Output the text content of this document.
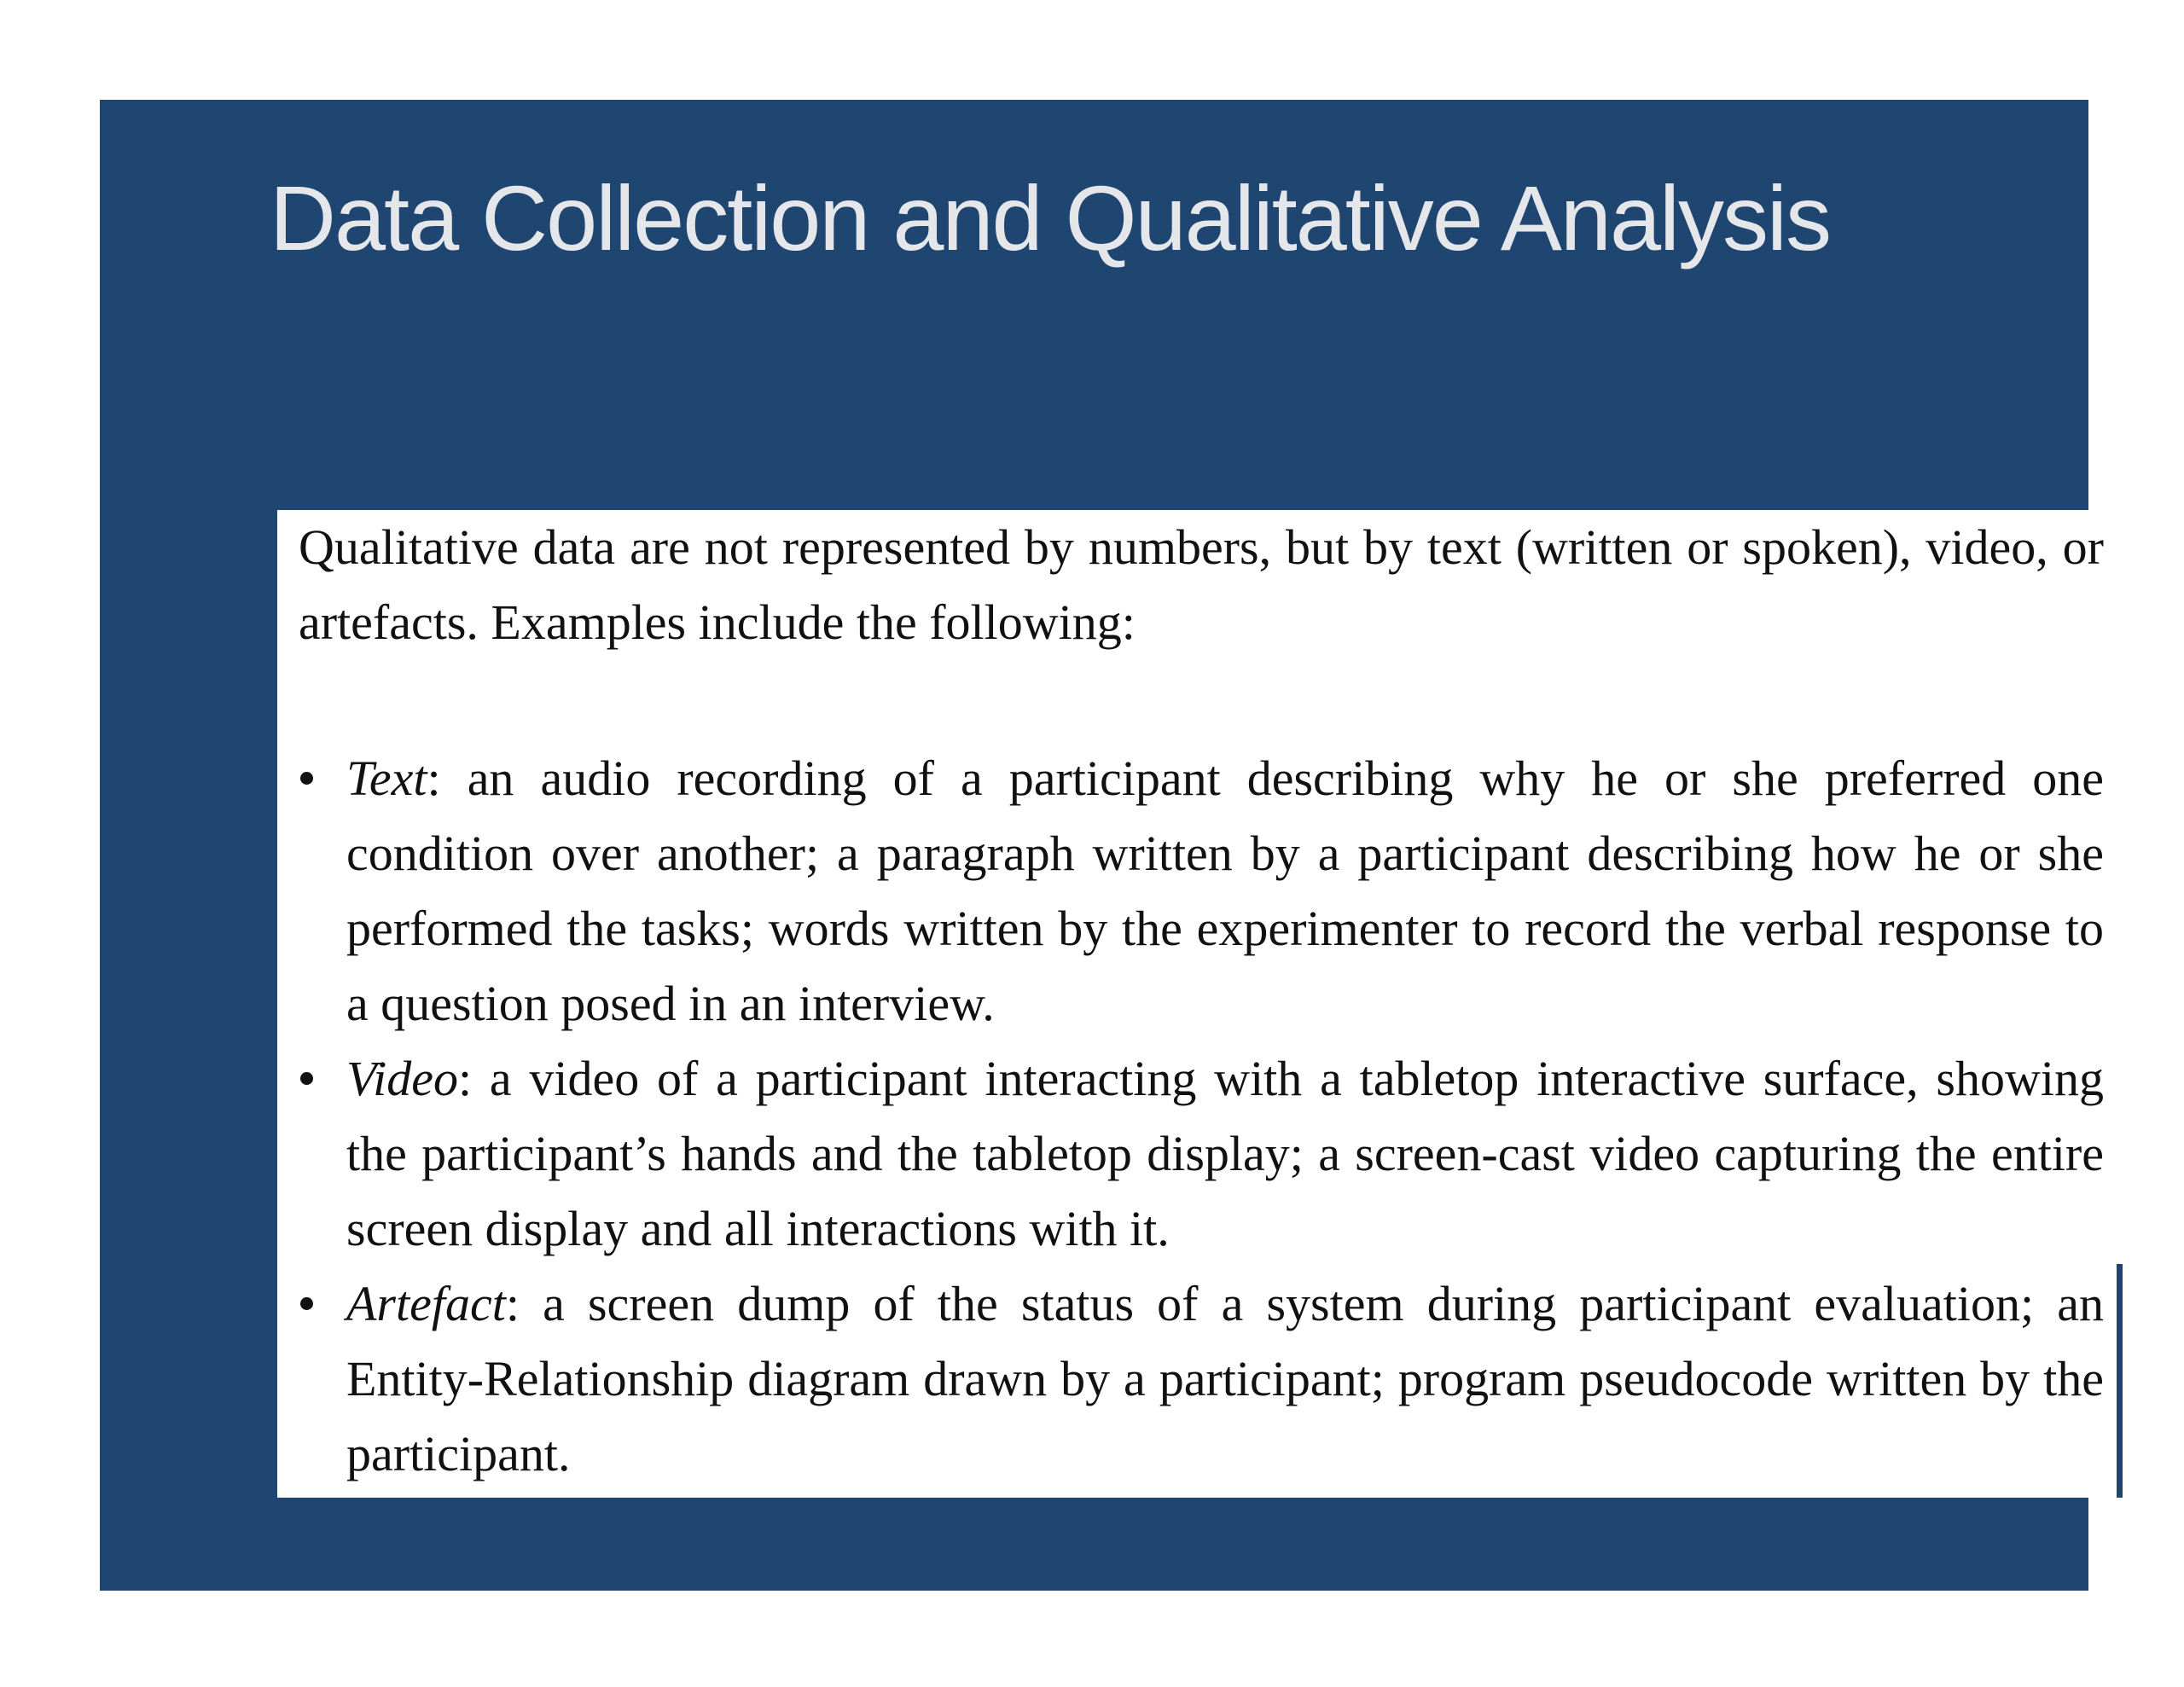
Data Collection and Qualitative Analysis

Qualitative data are not represented by numbers, but by text (written or spoken), video, or artefacts. Examples include the following:

Text: an audio recording of a participant describing why he or she preferred one condition over another; a paragraph written by a participant describing how he or she performed the tasks; words written by the experimenter to record the verbal response to a question posed in an interview.
Video: a video of a participant interacting with a tabletop interactive surface, showing the participant’s hands and the tabletop display; a screen-cast video capturing the entire screen display and all interactions with it.
Artefact: a screen dump of the status of a system during participant evaluation; an Entity-Relationship diagram drawn by a participant; program pseudocode written by the participant.
